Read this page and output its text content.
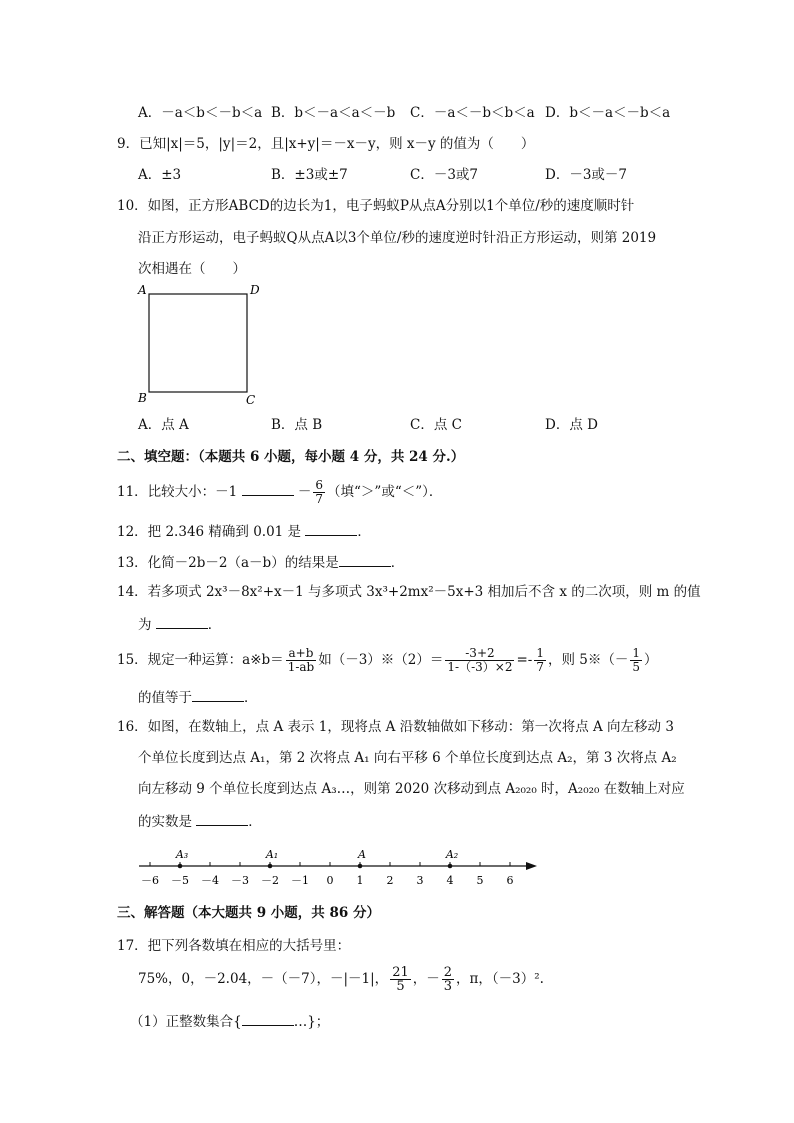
A．－a＜b＜－b＜a B．b＜－a＜a＜－b C．－a＜－b＜b＜a D．b＜－a＜－b＜a
9．已知|x|＝5，|y|＝2，且|x+y|＝－x－y，则 x－y 的值为（　　）
A．±3	B．±3或±7	C．－3或7	D．－3或－7
10．如图，正方形ABCD的边长为1，电子蚂蚁P从点A分别以1个单位/秒的速度顺时针
沿正方形运动，电子蚂蚁Q从点A以3个单位/秒的速度逆时针沿正方形运动，则第 2019
次相遇在（　　）
A	D
B	C
A．点 A	B．点 B	C．点 C	D．点 D
二、填空题：（本题共 6 小题，每小题 4 分，共 24 分.）
11．比较大小：－1	－ $\frac{6}{7}$ （填“＞”或“＜”）．
12．把 2.346 精确到 0.01 是	．
13．化简－2b－2（a－b）的结果是	．
14．若多项式 2x³－8x²+x－1 与多项式 3x³+2mx²－5x+3 相加后不含 x 的二次项，则 m 的值
为	．
15．规定一种运算：a※b＝ $\frac{a+b}{1-ab}$ 如（－3）※（2）＝ $\frac{-3+2}{1-(-3)\times 2} =- \frac{1}{7}$ ，则 5※（－ $\frac{1}{5}$ ）
的值等于	．
16．如图，在数轴上，点 A 表示 1，现将点 A 沿数轴做如下移动：第一次将点 A 向左移动 3
个单位长度到达点 A₁，第 2 次将点 A₁ 向右平移 6 个单位长度到达点 A₂，第 3 次将点 A₂
向左移动 9 个单位长度到达点 A₃…，则第 2020 次移动到点 A₂₀₂₀ 时，A₂₀₂₀ 在数轴上对应
的实数是	．
－6 －5 －4 －3 －2 －1 0 1 2 3 4 5 6
A₃	A₁	A	A₂
三、解答题（本大题共 9 小题，共 86 分）
17．把下列各数填在相应的大括号里：
75%，0，－2.04，－（－7），－|－1|， $\frac{21}{5}$ ，－ $\frac{2}{3}$ ，π，（－3）².
（1）正整数集合{	…}；
